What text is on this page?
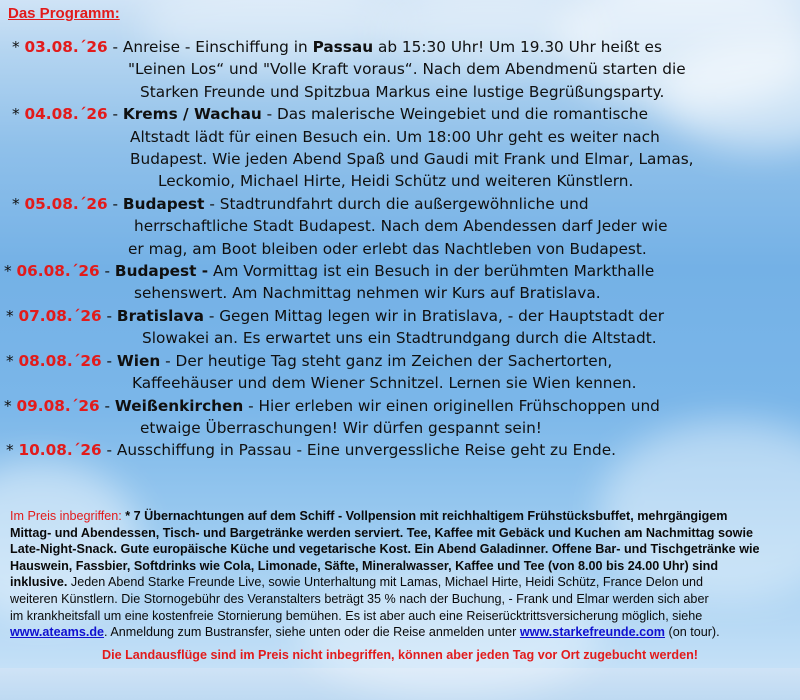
Das Programm:
* 03.08.´26 - Anreise - Einschiffung in Passau ab 15:30 Uhr! Um 19.30 Uhr heißt es
"Leinen Los“ und "Volle Kraft voraus“. Nach dem Abendmenü starten die
Starken Freunde und Spitzbua Markus eine lustige Begrüßungsparty.
* 04.08.´26 - Krems / Wachau - Das malerische Weingebiet und die romantische
Altstadt lädt für einen Besuch ein. Um 18:00 Uhr geht es weiter nach
Budapest. Wie jeden Abend Spaß und Gaudi mit Frank und Elmar, Lamas,
Leckomio, Michael Hirte, Heidi Schütz und weiteren Künstlern.
* 05.08.´26 - Budapest - Stadtrundfahrt durch die außergewöhnliche und
herrschaftliche Stadt Budapest. Nach dem Abendessen darf Jeder wie
er mag, am Boot bleiben oder erlebt das Nachtleben von Budapest.
* 06.08.´26 - Budapest - Am Vormittag ist ein Besuch in der berühmten Markthalle
sehenswert. Am Nachmittag nehmen wir Kurs auf Bratislava.
* 07.08.´26 - Bratislava - Gegen Mittag legen wir in Bratislava, - der Hauptstadt der
Slowakei an. Es erwartet uns ein Stadtrundgang durch die Altstadt.
* 08.08.´26 - Wien - Der heutige Tag steht ganz im Zeichen der Sachertorten,
Kaffeehäuser und dem Wiener Schnitzel. Lernen sie Wien kennen.
* 09.08.´26 - Weißenkirchen - Hier erleben wir einen originellen Frühschoppen und
etwaige Überraschungen! Wir dürfen gespannt sein!
* 10.08.´26 - Ausschiffung in Passau - Eine unvergessliche Reise geht zu Ende.
Im Preis inbegriffen: * 7 Übernachtungen auf dem Schiff - Vollpension mit reichhaltigem Frühstücksbuffet, mehrgängigem
Mittag- und Abendessen, Tisch- und Bargetränke werden serviert. Tee, Kaffee mit Gebäck und Kuchen am Nachmittag sowie
Late-Night-Snack. Gute europäische Küche und vegetarische Kost. Ein Abend Galadinner. Offene Bar- und Tischgetränke wie
Hauswein, Fassbier, Softdrinks wie Cola, Limonade, Säfte, Mineralwasser, Kaffee und Tee (von 8.00 bis 24.00 Uhr) sind
inklusive. Jeden Abend Starke Freunde Live, sowie Unterhaltung mit Lamas, Michael Hirte, Heidi Schütz, France Delon und
weiteren Künstlern. Die Stornogebühr des Veranstalters beträgt 35 % nach der Buchung, - Frank und Elmar werden sich aber
im krankheitsfall um eine kostenfreie Stornierung bemühen. Es ist aber auch eine Reiserücktrittsversicherung möglich, siehe
www.ateams.de. Anmeldung zum Bustransfer, siehe unten oder die Reise anmelden unter www.starkefreunde.com (on tour).
Die Landausflüge sind im Preis nicht inbegriffen, können aber jeden Tag vor Ort zugebucht werden!
